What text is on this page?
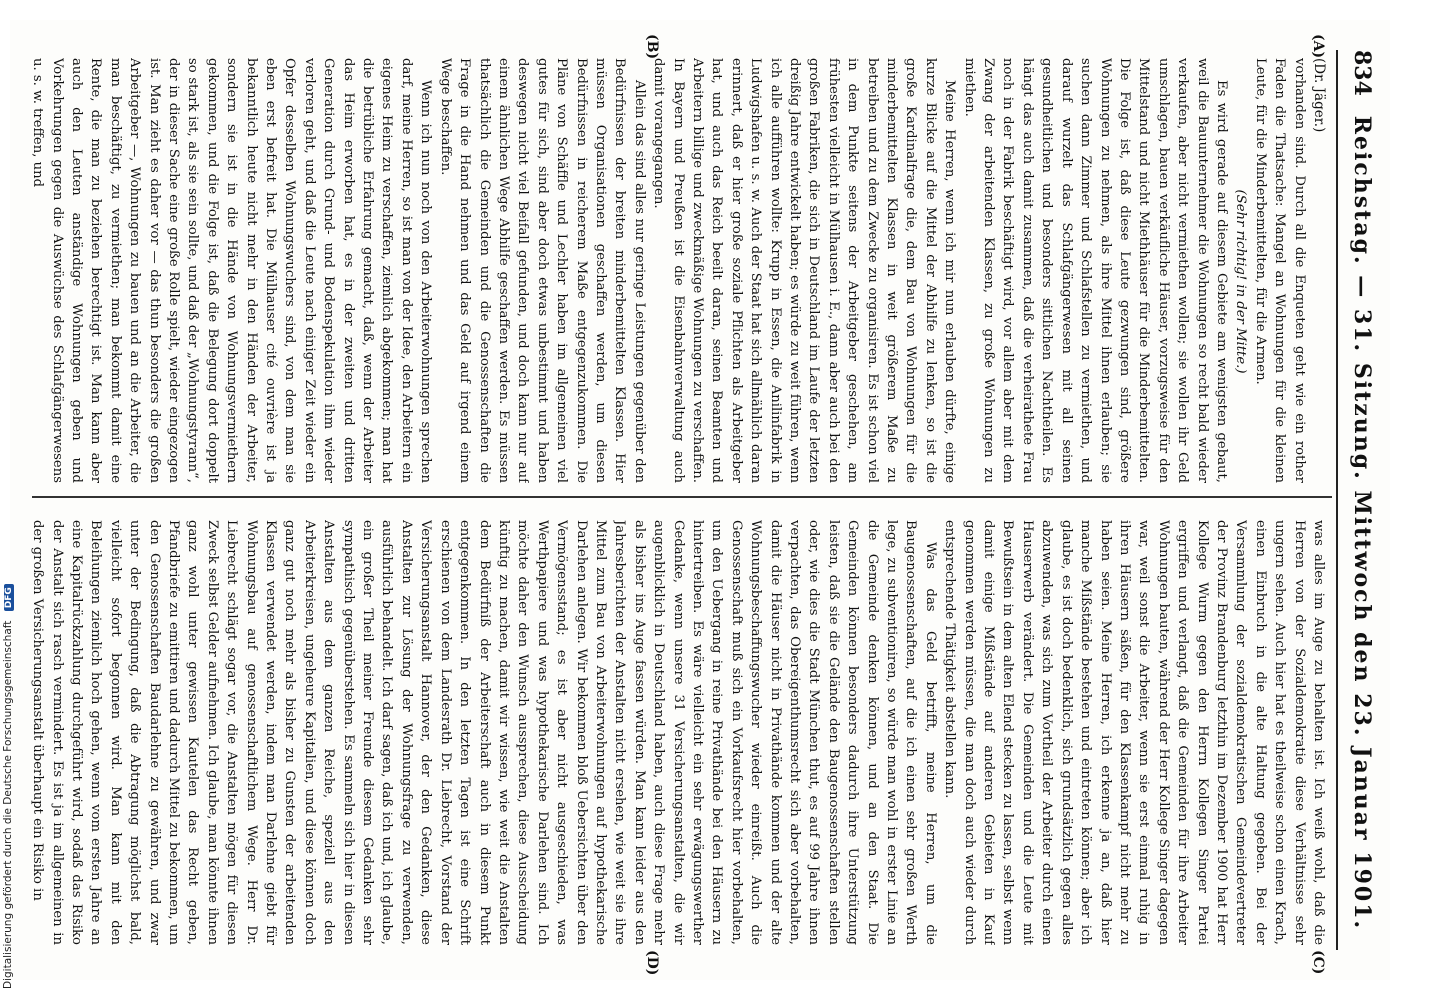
834
Reichstag. — 31. Sitzung. Mittwoch den 23. Januar 1901.
(A)
(B)
(C)
(D)

(Dr. Jäger.)

vorhanden sind. Durch all die Enqueten geht wie ein rother Faden die Thatsache: Mangel an Wohnungen für die kleinen Leute, für die Minderbemittelten, für die Armen.

(Sehr richtig! in der Mitte.)

Es wird gerade auf diesem Gebiete am wenigsten gebaut, weil die Bauunternehmer die Wohnungen so recht bald wieder verkaufen, aber nicht vermiethen wollen; sie wollen ihr Geld umschlagen, bauen verkäufliche Häuser, vorzugsweise für den Mittelstand und nicht Miethhäuser für die Minderbemittelten. Die Folge ist, daß diese Leute gezwungen sind, größere Wohnungen zu nehmen, als ihre Mittel ihnen erlauben; sie suchen dann Zimmer und Schlafstellen zu vermiethen, und darauf wurzelt das Schlafgängerwesen mit all seinen gesundheitlichen und besonders sittlichen Nachtheilen. Es hängt das auch damit zusammen, daß die verheirathete Frau noch in der Fabrik beschäftigt wird, vor allem aber mit dem Zwang der arbeitenden Klassen, zu große Wohnungen zu miethen.

Meine Herren, wenn ich mir nun erlauben dürfte, einige kurze Blicke auf die Mittel der Abhilfe zu lenken, so ist die große Kardinalfrage die, dem Bau von Wohnungen für die minderbemittelten Klassen in weit größerem Maße zu betreiben und zu dem Zwecke zu organisiren. Es ist schon viel in dem Punkte seitens der Arbeitgeber geschehen, am frühesten vielleicht in Mülhausen i. E., dann aber auch bei den großen Fabriken, die sich in Deutschland im Laufe der letzten dreißig Jahre entwickelt haben; es würde zu weit führen, wenn ich alle aufführen wollte: Krupp in Essen, die Anilinfabrik in Ludwigshafen u. s. w. Auch der Staat hat sich allmählich daran erinnert, daß er hier große soziale Pflichten als Arbeitgeber hat, und auch das Reich beeilt daran, seinen Beamten und Arbeitern billige und zweckmäßige Wohnungen zu verschaffen. In Bayern und Preußen ist die Eisenbahnverwaltung auch damit vorangegangen.

Allein das sind alles nur geringe Leistungen gegenüber den Bedürfnissen der breiten minderbemittelten Klassen. Hier müssen Organisationen geschaffen werden, um diesen Bedürfnissen in reicherem Maße entgegenzukommen. Die Pläne von Schäffle und Lechler haben im allgemeinen viel gutes für sich, sind aber doch etwas unbestimmt und haben deswegen nicht viel Beifall gefunden, und doch kann nur auf einem ähnlichen Wege Abhilfe geschaffen werden. Es müssen thatsächlich die Gemeinden und die Genossenschaften die Frage in die Hand nehmen und das Geld auf irgend einem Wege beschaffen.

Wenn ich nun noch von den Arbeiterwohnungen sprechen darf, meine Herren, so ist man von der Idee, den Arbeitern ein eigenes Heim zu verschaffen, ziemlich abgekommen; man hat die betrübliche Erfahrung gemacht, daß, wenn der Arbeiter das Heim erworben hat, es in der zweiten und dritten Generation durch Grund- und Bodenspekulation ihm wieder verloren geht, und daß die Leute nach einiger Zeit wieder ein Opfer desselben Wohnungswuchers sind, von dem man sie eben erst befreit hat. Die Mülhauser cité ouvrière ist ja bekanntlich heute nicht mehr in den Händen der Arbeiter, sondern sie ist in die Hände von Wohnungsvermiethern gekommen, und die Folge ist, daß die Belegung dort doppelt so stark ist, als sie sein sollte, und daß der „Wohnungstyrann“, der in dieser Sache eine große Rolle spielt, wieder eingezogen ist. Man zieht es daher vor — das thun besonders die großen Arbeitgeber —, Wohnungen zu bauen und an die Arbeiter, die man beschäftigt, zu vermiethen; man bekommt damit eine Rente, die man zu beziehen berechtigt ist. Man kann aber auch den Leuten anständige Wohnungen geben und Vorkehrungen gegen die Auswüchse des Schlafgängerwesens u. s. w. treffen, und

was alles im Auge zu behalten ist. Ich weiß wohl, daß die Herren von der Sozialdemokratie diese Verhältnisse sehr ungern sehen. Auch hier hat es theilweise schon einen Krach, einen Einbruch in die alte Haltung gegeben. Bei der Versammlung der sozialdemokratischen Gemeindevertreter der Provinz Brandenburg letzthin im Dezember 1900 hat Herr Kollege Wurm gegen den Herrn Kollegen Singer Partei ergriffen und verlangt, daß die Gemeinden für ihre Arbeiter Wohnungen bauten, während der Herr Kollege Singer dagegen war, weil sonst die Arbeiter, wenn sie erst einmal ruhig in ihren Häusern säßen, für den Klassenkampf nicht mehr zu haben seien. Meine Herren, ich erkenne ja an, daß hier manche Mißstände bestehen und eintreten können; aber ich glaube, es ist doch bedenklich, sich grundsätzlich gegen alles abzuwenden, was sich zum Vortheil der Arbeiter durch einen Hauserwerb verändert. Die Gemeinden und die Leute mit Bewußtsein in dem alten Elend stecken zu lassen, selbst wenn damit einige Mißstände auf anderen Gebieten in Kauf genommen werden müssen, die man doch auch wieder durch entsprechende Thätigkeit abstellen kann.

Was das Geld betrifft, meine Herren, um die Baugenossenschaften, auf die ich einen sehr großen Werth lege, zu subventioniren, so würde man wohl in erster Linie an die Gemeinde denken können, und an den Staat. Die Gemeinden können besonders dadurch ihre Unterstützung leisten, daß sie die Gelände den Baugenossenschaften stellen oder, wie dies die Stadt München thut, es auf 99 Jahre ihnen verpachten, das Obereigenthumsrecht sich aber vorbehalten, damit die Häuser nicht in Privathände kommen und der alte Wohnungsbeschaffungswucher wieder einreißt. Auch die Genossenschaft muß sich ein Vorkaufsrecht hier vorbehalten, um den Uebergang in reine Privathände bei den Häusern zu hintertreiben. Es wäre vielleicht ein sehr erwägungswerther Gedanke, wenn unsere 31 Versicherungsanstalten, die wir augenblicklich in Deutschland haben, auch diese Frage mehr als bisher ins Auge fassen würden. Man kann leider aus den Jahresberichten der Anstalten nicht ersehen, wie weit sie ihre Mittel zum Bau von Arbeiterwohnungen auf hypothekarische Darlehen anlegen. Wir bekommen bloß Uebersichten über den Vermögensstand; es ist aber nicht ausgeschieden, was Werthpapiere und was hypothekarische Darlehen sind. Ich möchte daher den Wunsch aussprechen, diese Ausscheidung künftig zu machen, damit wir wissen, wie weit die Anstalten dem Bedürfniß der Arbeiterschaft auch in diesem Punkt entgegenkommen. In den letzten Tagen ist eine Schrift erschienen von dem Landesrath Dr. Liebrecht, Vorstand der Versicherungsanstalt Hannover, der den Gedanken, diese Anstalten zur Lösung der Wohnungsfrage zu verwenden, ausführlich behandelt. Ich darf sagen, daß ich und, ich glaube, ein großer Theil meiner Freunde diesem Gedanken sehr sympathisch gegenüberstehen. Es sammeln sich hier in diesen Anstalten aus dem ganzen Reiche, speziell aus den Arbeiterkreisen, ungeheure Kapitalien, und diese können doch ganz gut noch mehr als bisher zu Gunsten der arbeitenden Klassen verwendet werden, indem man Darlehne giebt für Wohnungsbau auf genossenschaftlichem Wege. Herr Dr. Liebrecht schlägt sogar vor, die Anstalten mögen für diesen Zweck selbst Gelder aufnehmen. Ich glaube, man könnte ihnen ganz wohl unter gewissen Kautelen das Recht geben, Pfandbriefe zu emittiren und dadurch Mittel zu bekommen, um den Genossenschaften Baudarlehne zu gewähren, und zwar unter der Bedingung, daß die Abtragung möglichst bald, vielleicht sofort begonnen wird. Man kann mit den Beleihungen ziemlich hoch gehen, wenn vom ersten Jahre an eine Kapitalrückzahlung durchgeführt wird, sodaß das Risiko der Anstalt sich rasch vermindert. Es ist ja im allgemeinen in der großen Versicherungsanstalt überhaupt ein Risiko in

Digitalisierung gefördert durch die Deutsche Forschungsgemeinschaft DFG
